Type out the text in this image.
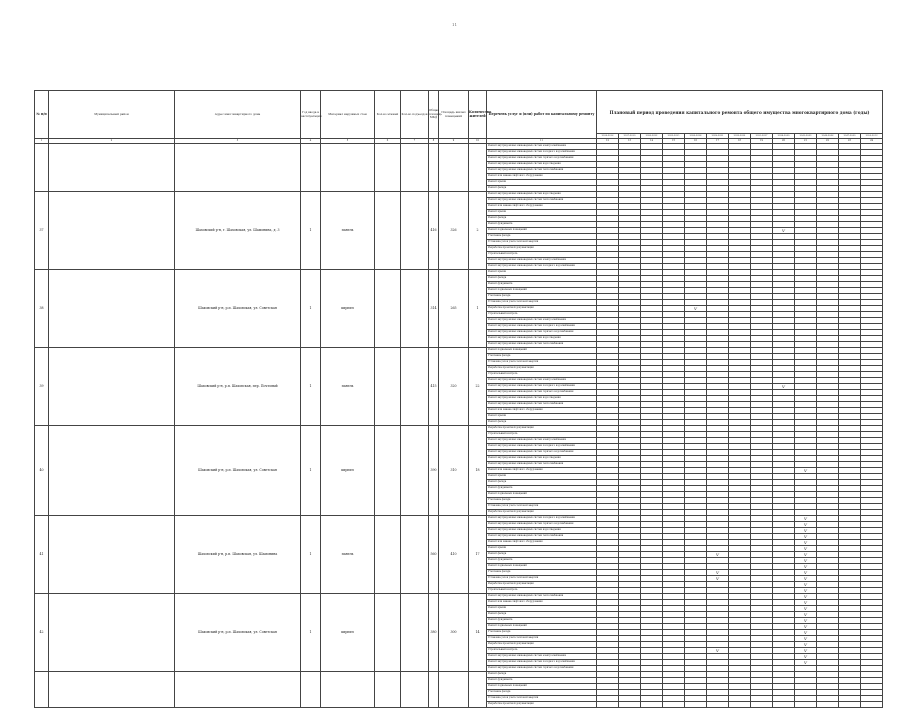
11
№ п/п	Муниципальный район	Адрес многоквартирного дома	Год ввода в эксплуатацию	Материал наружных стен	Кол-во этажей	Кол-во подъездов	Общая площадь МКД	Площадь жилых помещений	Количество жителей	Перечень услуг и (или) работ по капитальному ремонту	Плановый период проведения капитального ремонта общего имущества многоквартирного дома (годы)												
											2014-2016	2017-2019	2020-2022	2023-2025	2026-2028	2029-2031	2032-2034	2035-2037	2038-2040	2041-2043	2044-2046	2047-2049	2050-2052
1	2	3	4	5	6	7	8	9	10	11	12	13	14	15	16	17	18	19	20	21	22	23	24
										Ремонт внутридомовых инженерных систем электроснабжения													
										Ремонт внутридомовых инженерных систем холодного водоснабжения													
										Ремонт внутридомовых инженерных систем горячего водоснабжения													
										Ремонт внутридомовых инженерных систем водоотведения													
										Ремонт внутридомовых инженерных систем теплоснабжения													
										Ремонт или замена лифтового оборудования													
										Ремонт крыши													
										Ремонт фасада													
37		Шаховский р-н, г. Шаховская, ул. Шамонина, д. 3	1	панель			416	326	2	Ремонт внутридомовых инженерных систем водоотведения													
										Ремонт внутридомовых инженерных систем теплоснабжения													
										Ремонт или замена лифтового оборудования													
										Ремонт крыши													
										Ремонт фасада													
										Ремонт фундамента													
										Ремонт подвальных помещений									V				
										Утепление фасада													
										Установка узлов учета тепловой энергии													
										Разработка проектной документации													
										Строительный контроль													
										Ремонт внутридомовых инженерных систем электроснабжения													
										Ремонт внутридомовых инженерных систем холодного водоснабжения													
38		Шаховский р-н, р.п. Шаховская, ул. Советская	1	кирпич			314	265	1	Ремонт крыши													
										Ремонт фасада													
										Ремонт фундамента													
										Ремонт подвальных помещений													
										Утепление фасада													
										Установка узлов учета тепловой энергии													
										Разработка проектной документации					V								
										Строительный контроль													
										Ремонт внутридомовых инженерных систем электроснабжения													
										Ремонт внутридомовых инженерных систем холодного водоснабжения													
										Ремонт внутридомовых инженерных систем горячего водоснабжения													
										Ремонт внутридомовых инженерных систем водоотведения													
										Ремонт внутридомовых инженерных систем теплоснабжения													
39		Шаховский р-н, р.п. Шаховская, пер. Почтовый	1	панель			415	320	22	Ремонт подвальных помещений													
										Утепление фасада													
										Установка узлов учета тепловой энергии													
										Разработка проектной документации													
										Строительный контроль													
										Ремонт внутридомовых инженерных систем электроснабжения													
										Ремонт внутридомовых инженерных систем холодного водоснабжения									V				
										Ремонт внутридомовых инженерных систем горячего водоснабжения													
										Ремонт внутридомовых инженерных систем водоотведения													
										Ремонт внутридомовых инженерных систем теплоснабжения													
										Ремонт или замена лифтового оборудования													
										Ремонт крыши													
										Ремонт фасада													
40		Шаховский р-н, р.п. Шаховская, ул. Советская	1	кирпич			390	310	18	Разработка проектной документации													
										Строительный контроль													
										Ремонт внутридомовых инженерных систем электроснабжения													
										Ремонт внутридомовых инженерных систем холодного водоснабжения													
										Ремонт внутридомовых инженерных систем горячего водоснабжения													
										Ремонт внутридомовых инженерных систем водоотведения													
										Ремонт внутридомовых инженерных систем теплоснабжения													
										Ремонт или замена лифтового оборудования										V			
										Ремонт крыши													
										Ремонт фасада													
										Ремонт фундамента													
										Ремонт подвальных помещений													
										Утепление фасада													
										Установка узлов учета тепловой энергии													
										Разработка проектной документации													
41		Шаховский р-н, р.п. Шаховская, ул. Шамонина	1	панель			560	410	17	Ремонт внутридомовых инженерных систем холодного водоснабжения										V			
										Ремонт внутридомовых инженерных систем горячего водоснабжения										V			
										Ремонт внутридомовых инженерных систем водоотведения										V			
										Ремонт внутридомовых инженерных систем теплоснабжения										V			
										Ремонт или замена лифтового оборудования										V			
										Ремонт крыши										V			
										Ремонт фасада						V				V			
										Ремонт фундамента										V			
										Ремонт подвальных помещений										V			
										Утепление фасада						V				V			
										Установка узлов учета тепловой энергии						V				V			
										Разработка проектной документации										V			
										Строительный контроль										V			
42		Шаховский р-н, р.п. Шаховская, ул. Советская	1	кирпич			380	300	14	Ремонт внутридомовых инженерных систем теплоснабжения										V			
										Ремонт или замена лифтового оборудования										V			
										Ремонт крыши										V			
										Ремонт фасада										V			
										Ремонт фундамента										V			
										Ремонт подвальных помещений										V			
										Утепление фасада										V			
										Установка узлов учета тепловой энергии										V			
										Разработка проектной документации										V			
										Строительный контроль						V				V			
										Ремонт внутридомовых инженерных систем электроснабжения										V			
										Ремонт внутридомовых инженерных систем холодного водоснабжения										V			
										Ремонт внутридомовых инженерных систем горячего водоснабжения													
										Ремонт фасада													
										Ремонт фундамента													
										Ремонт подвальных помещений													
										Утепление фасада													
										Установка узлов учета тепловой энергии													
										Разработка проектной документации													
